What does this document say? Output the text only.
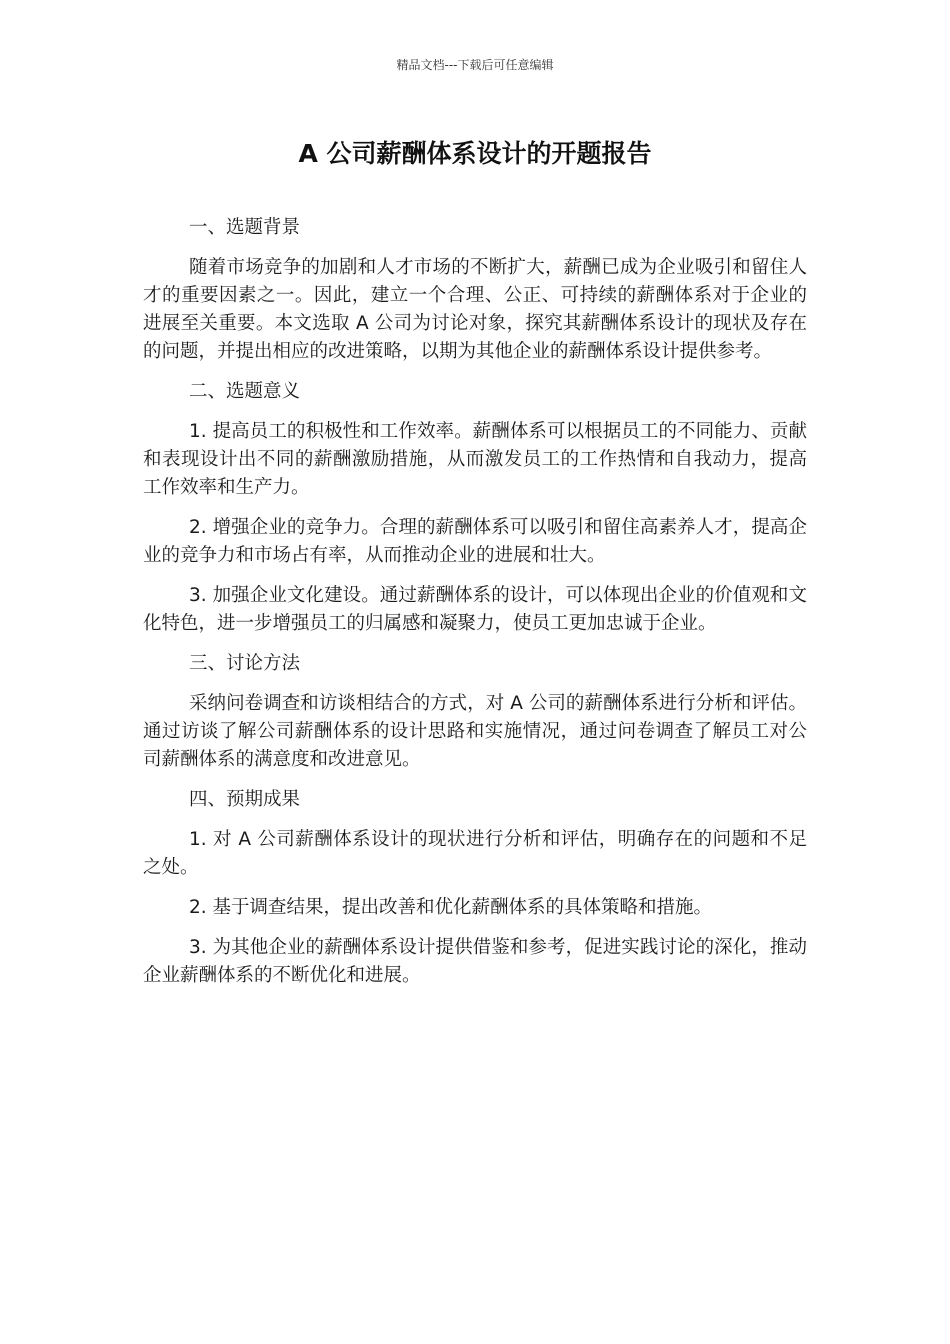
精品文档---下载后可任意编辑
A 公司薪酬体系设计的开题报告

一、选题背景

随着市场竞争的加剧和人才市场的不断扩大，薪酬已成为企业吸引和留住人才的重要因素之一。因此，建立一个合理、公正、可持续的薪酬体系对于企业的进展至关重要。本文选取 A 公司为讨论对象，探究其薪酬体系设计的现状及存在的问题，并提出相应的改进策略，以期为其他企业的薪酬体系设计提供参考。

二、选题意义

1. 提高员工的积极性和工作效率。薪酬体系可以根据员工的不同能力、贡献和表现设计出不同的薪酬激励措施，从而激发员工的工作热情和自我动力，提高工作效率和生产力。

2. 增强企业的竞争力。合理的薪酬体系可以吸引和留住高素养人才，提高企业的竞争力和市场占有率，从而推动企业的进展和壮大。

3. 加强企业文化建设。通过薪酬体系的设计，可以体现出企业的价值观和文化特色，进一步增强员工的归属感和凝聚力，使员工更加忠诚于企业。

三、讨论方法

采纳问卷调查和访谈相结合的方式，对 A 公司的薪酬体系进行分析和评估。通过访谈了解公司薪酬体系的设计思路和实施情况，通过问卷调查了解员工对公司薪酬体系的满意度和改进意见。

四、预期成果

1. 对 A 公司薪酬体系设计的现状进行分析和评估，明确存在的问题和不足之处。

2. 基于调查结果，提出改善和优化薪酬体系的具体策略和措施。

3. 为其他企业的薪酬体系设计提供借鉴和参考，促进实践讨论的深化，推动企业薪酬体系的不断优化和进展。
